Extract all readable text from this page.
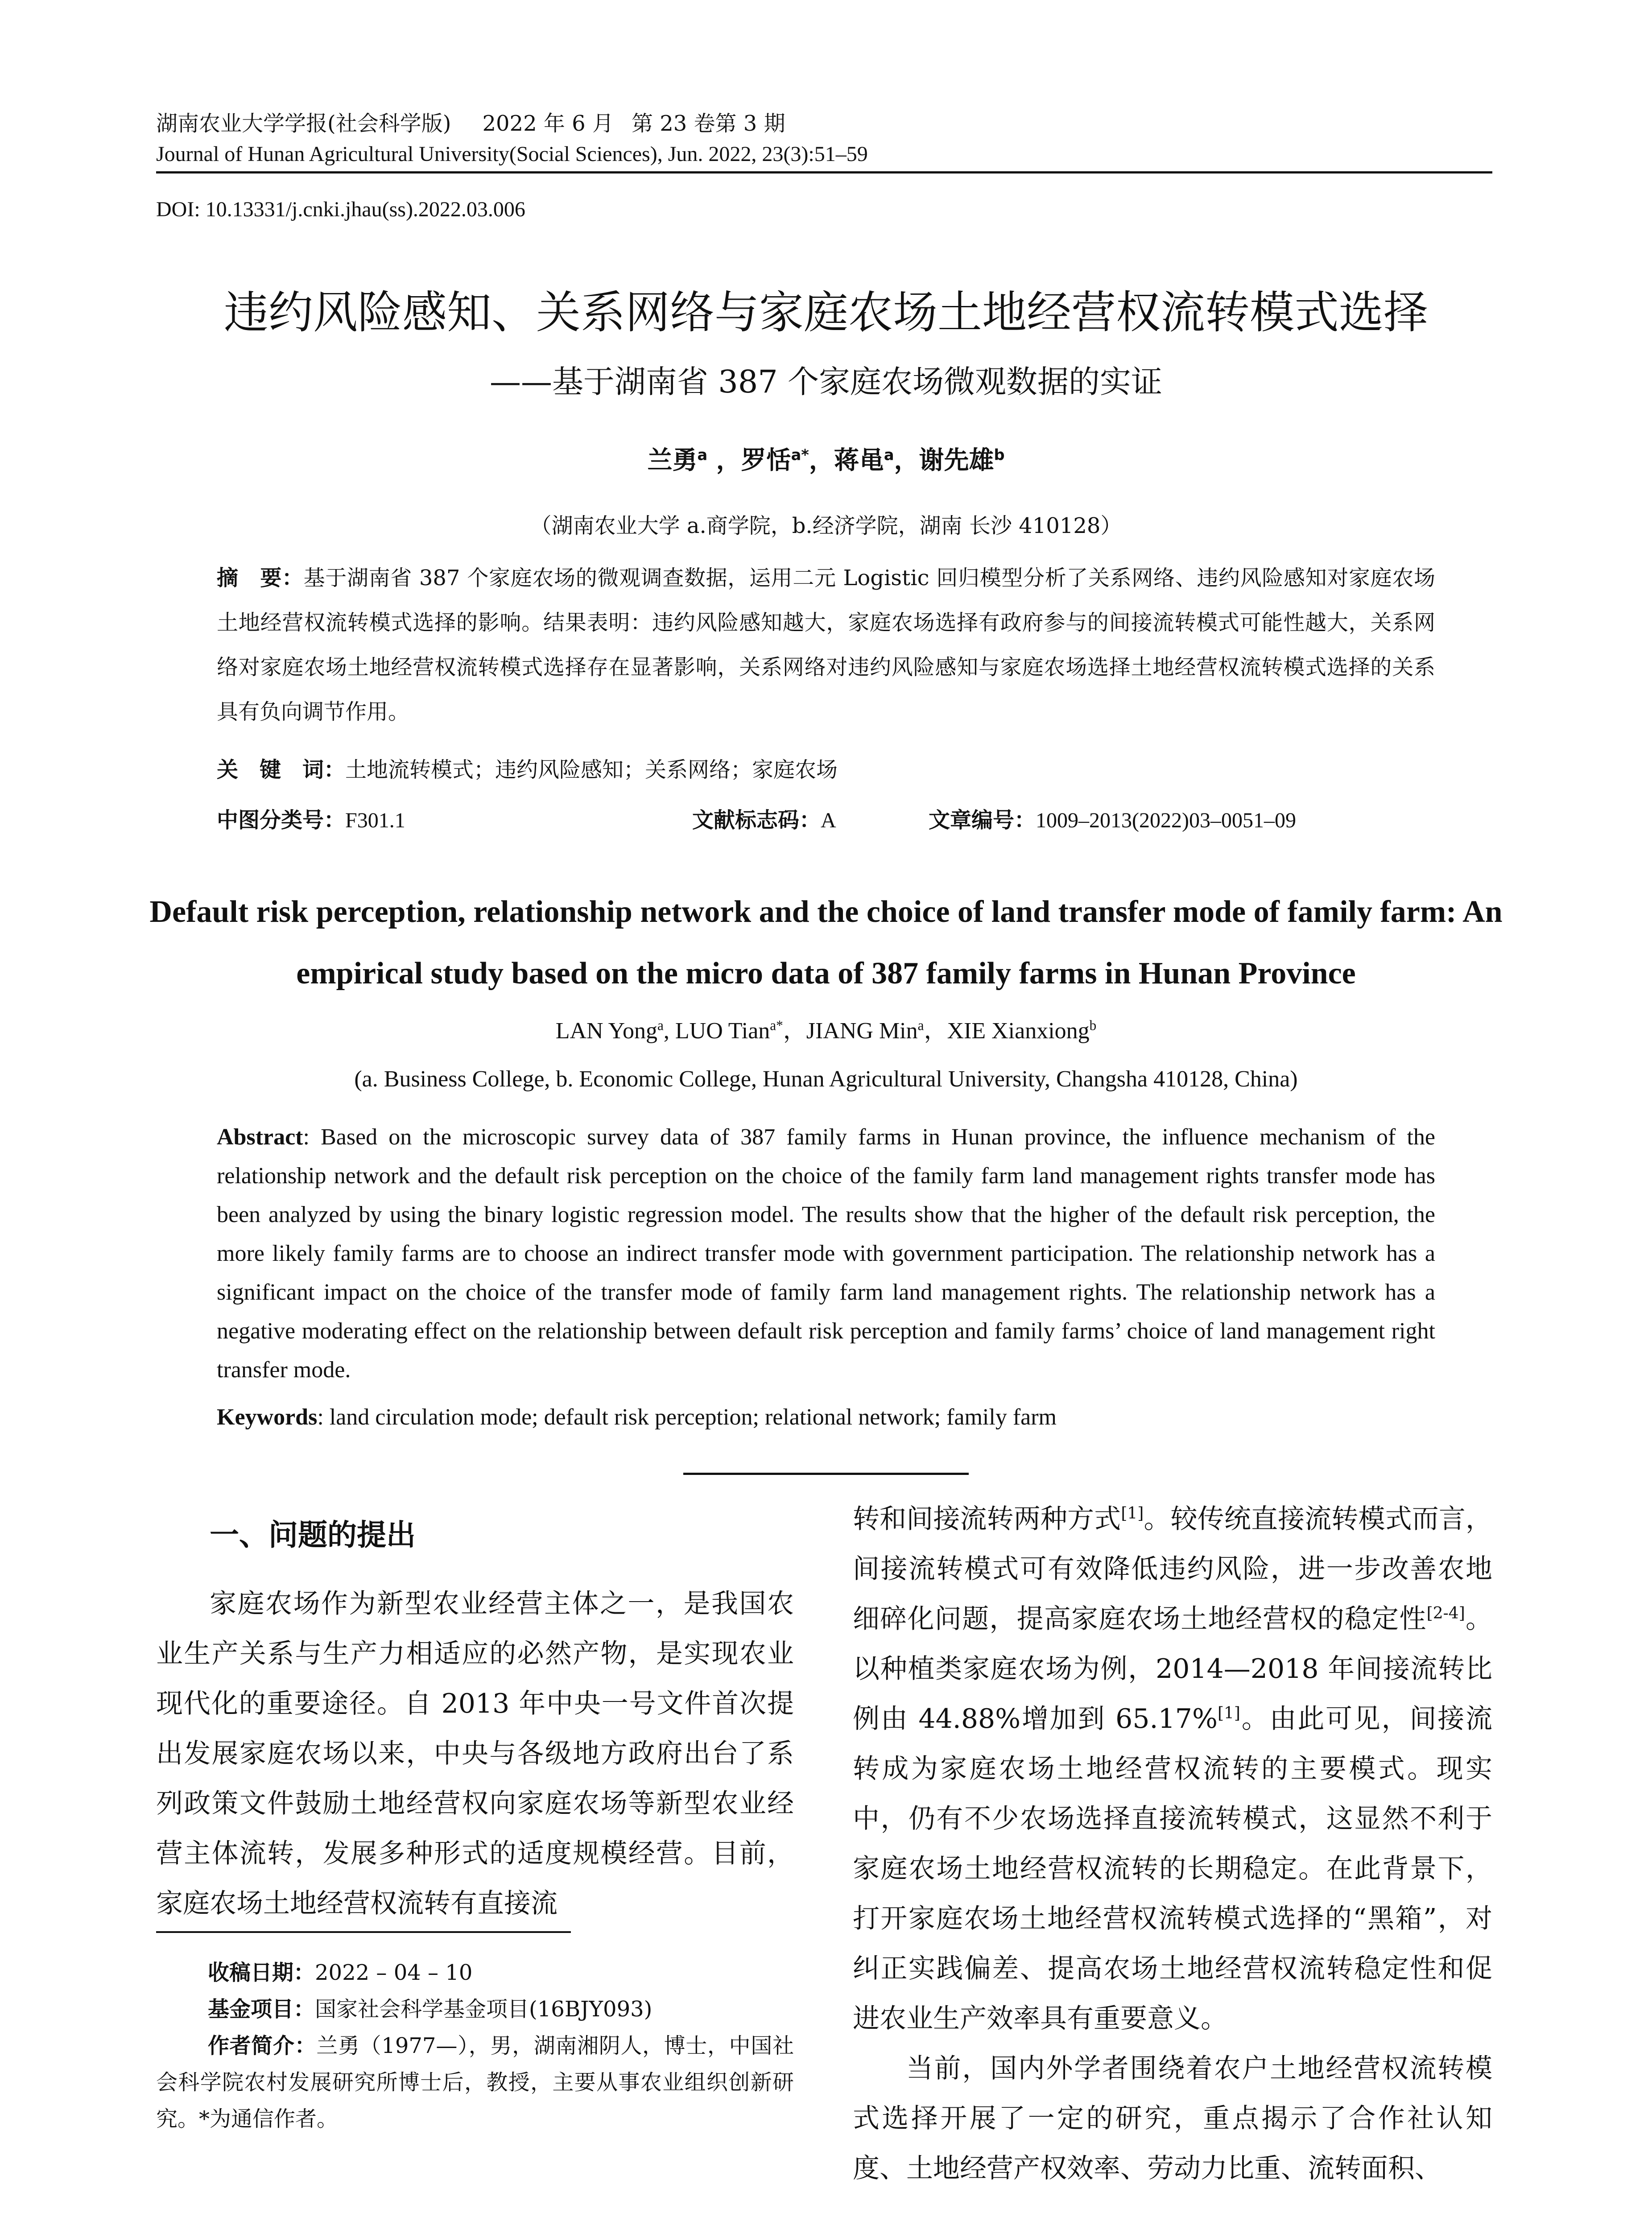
湖南农业大学学报(社会科学版) 2022 年 6 月 第 23 卷第 3 期
Journal of Hunan Agricultural University(Social Sciences), Jun. 2022, 23(3):51–59
DOI: 10.13331/j.cnki.jhau(ss).2022.03.006
违约风险感知、关系网络与家庭农场土地经营权流转模式选择
——基于湖南省 387 个家庭农场微观数据的实证
兰勇$^a$ ，罗恬$^{a*}$，蒋黾$^a$，谢先雄$^b$
（湖南农业大学 a.商学院，b.经济学院，湖南 长沙 410128）
摘　要：基于湖南省 387 个家庭农场的微观调查数据，运用二元 Logistic 回归模型分析了关系网络、违约风险感知对家庭农场土地经营权流转模式选择的影响。结果表明：违约风险感知越大，家庭农场选择有政府参与的间接流转模式可能性越大，关系网络对家庭农场土地经营权流转模式选择存在显著影响，关系网络对违约风险感知与家庭农场选择土地经营权流转模式选择的关系具有负向调节作用。
关　键　词：土地流转模式；违约风险感知；关系网络；家庭农场
中图分类号：F301.1	文献标志码：A	文章编号：1009–2013(2022)03–0051–09
Default risk perception, relationship network and the choice of land transfer mode of family farm: An empirical study based on the micro data of 387 family farms in Hunan Province
LAN Yong$^a$, LUO Tian$^{a*}$，JIANG Min$^a$，XIE Xianxiong$^b$
(a. Business College, b. Economic College, Hunan Agricultural University, Changsha 410128, China)
Abstract: Based on the microscopic survey data of 387 family farms in Hunan province, the influence mechanism of the relationship network and the default risk perception on the choice of the family farm land management rights transfer mode has been analyzed by using the binary logistic regression model. The results show that the higher of the default risk perception, the more likely family farms are to choose an indirect transfer mode with government participation. The relationship network has a significant impact on the choice of the transfer mode of family farm land management rights. The relationship network has a negative moderating effect on the relationship between default risk perception and family farms’ choice of land management right transfer mode.
Keywords: land circulation mode; default risk perception; relational network; family farm
一、问题的提出

家庭农场作为新型农业经营主体之一，是我国农业生产关系与生产力相适应的必然产物，是实现农业现代化的重要途径。自 2013 年中央一号文件首次提出发展家庭农场以来，中央与各级地方政府出台了系列政策文件鼓励土地经营权向家庭农场等新型农业经营主体流转，发展多种形式的适度规模经营。目前，家庭农场土地经营权流转有直接流

收稿日期：2022 – 04 – 10
基金项目：国家社会科学基金项目(16BJY093)
作者简介：兰勇（1977—），男，湖南湘阴人，博士，中国社会科学院农村发展研究所博士后，教授，主要从事农业组织创新研究。*为通信作者。

转和间接流转两种方式[1]。较传统直接流转模式而言，间接流转模式可有效降低违约风险，进一步改善农地细碎化问题，提高家庭农场土地经营权的稳定性[2-4]。以种植类家庭农场为例，2014—2018 年间接流转比例由 44.88%增加到 65.17%[1]。由此可见，间接流转成为家庭农场土地经营权流转的主要模式。现实中，仍有不少农场选择直接流转模式，这显然不利于家庭农场土地经营权流转的长期稳定。在此背景下，打开家庭农场土地经营权流转模式选择的“黑箱”，对纠正实践偏差、提高农场土地经营权流转稳定性和促进农业生产效率具有重要意义。

当前，国内外学者围绕着农户土地经营权流转模式选择开展了一定的研究，重点揭示了合作社认知度、土地经营产权效率、劳动力比重、流转面积、
